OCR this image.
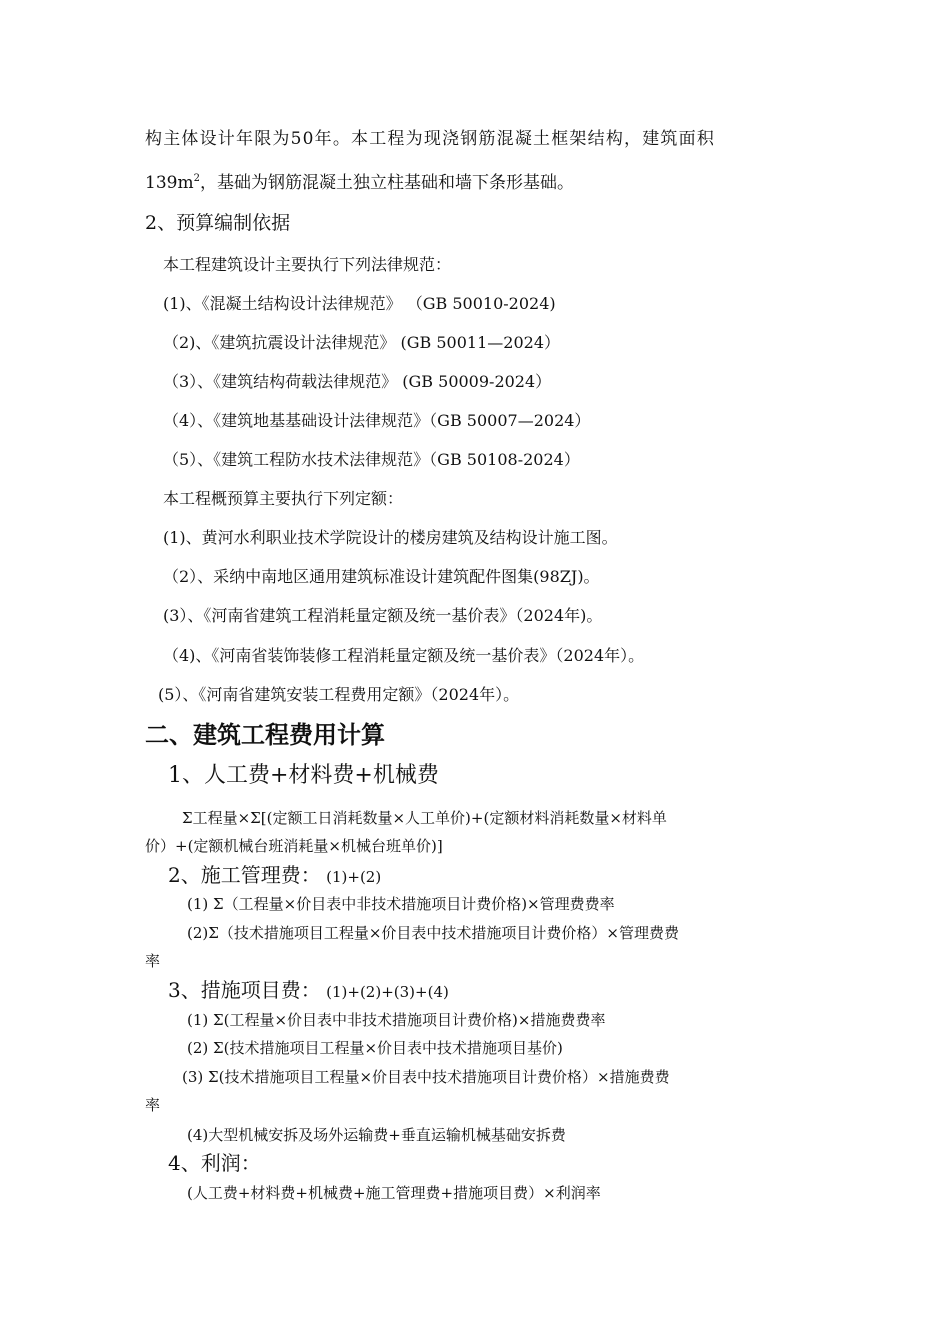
构主体设计年限为50年。本工程为现浇钢筋混凝土框架结构，建筑面积
$139m^2$，基础为钢筋混凝土独立柱基础和墙下条形基础。
2、预算编制依据
本工程建筑设计主要执行下列法律规范：
(1)、《混凝土结构设计法律规范》 （GB 50010-2024)
（2)、《建筑抗震设计法律规范》 (GB 50011—2024）
（3）、《建筑结构荷载法律规范》 (GB 50009-2024）
（4）、《建筑地基基础设计法律规范》（GB 50007—2024）
（5）、《建筑工程防水技术法律规范》（GB 50108-2024）
本工程概预算主要执行下列定额：
(1)、黄河水利职业技术学院设计的楼房建筑及结构设计施工图。
（2）、采纳中南地区通用建筑标准设计建筑配件图集(98ZJ)。
(3）、《河南省建筑工程消耗量定额及统一基价表》（2024年)。
（4)、《河南省装饰装修工程消耗量定额及统一基价表》（2024年）。
(5）、《河南省建筑安装工程费用定额》（2024年）。
二、建筑工程费用计算
1、人工费+材料费+机械费
Σ工程量×Σ[(定额工日消耗数量×人工单价)+(定额材料消耗数量×材料单
价）+(定额机械台班消耗量×机械台班单价)]
2、施工管理费： (1)+(2)
(1) Σ（工程量×价目表中非技术措施项目计费价格)×管理费费率
(2)Σ（技术措施项目工程量×价目表中技术措施项目计费价格）×管理费费
率
3、措施项目费： (1)+(2)+(3)+(4)
(1) Σ(工程量×价目表中非技术措施项目计费价格)×措施费费率
(2) Σ(技术措施项目工程量×价目表中技术措施项目基价)
(3) Σ(技术措施项目工程量×价目表中技术措施项目计费价格）×措施费费
率
(4)大型机械安拆及场外运输费+垂直运输机械基础安拆费
4、利润：
(人工费+材料费+机械费+施工管理费+措施项目费）×利润率
